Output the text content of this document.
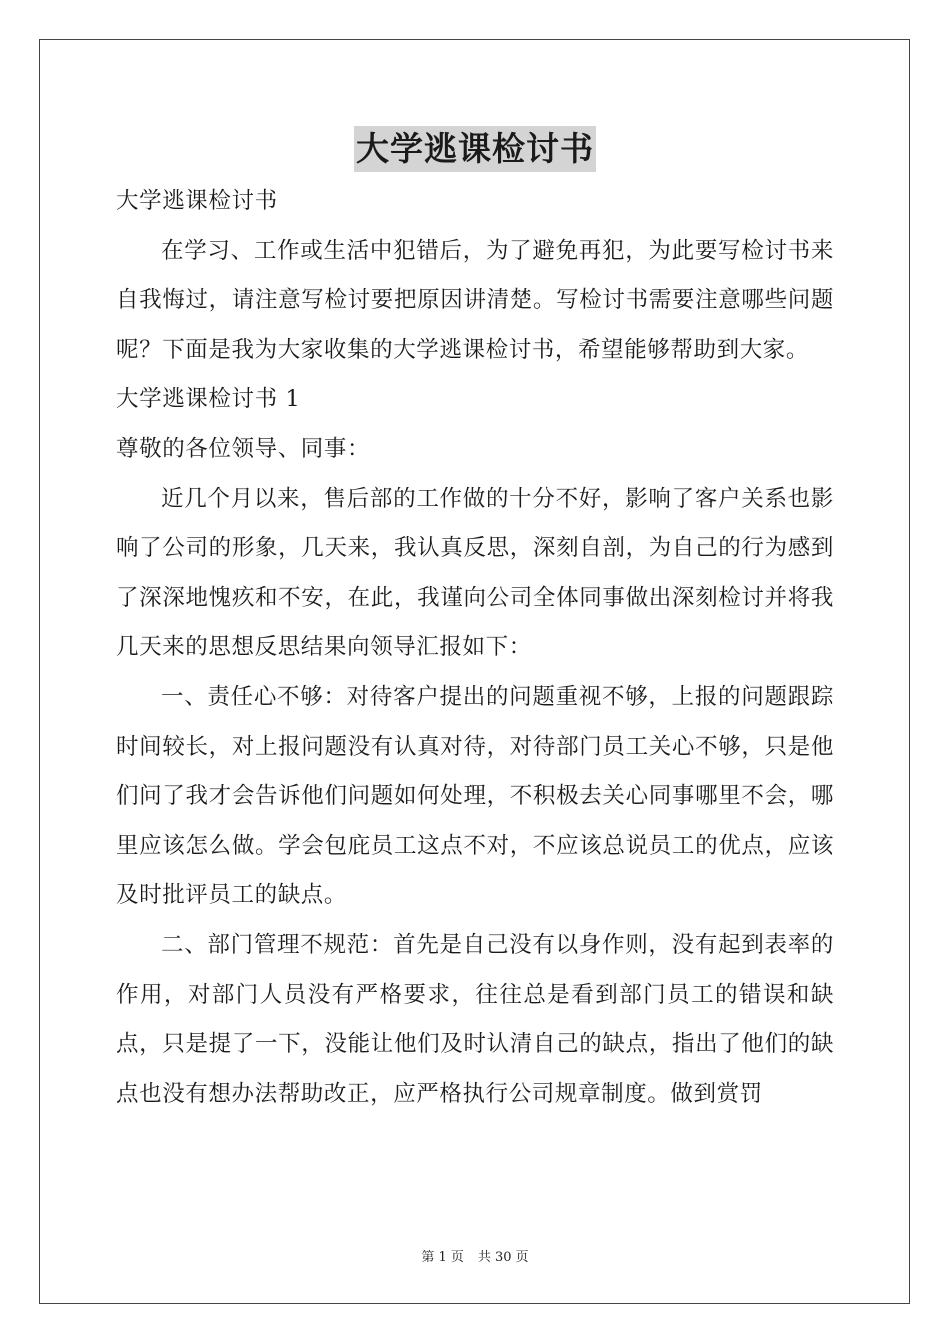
大学逃课检讨书

大学逃课检讨书

在学习、工作或生活中犯错后，为了避免再犯，为此要写检讨书来自我悔过，请注意写检讨要把原因讲清楚。写检讨书需要注意哪些问题呢？下面是我为大家收集的大学逃课检讨书，希望能够帮助到大家。

大学逃课检讨书 1

尊敬的各位领导、同事：

近几个月以来，售后部的工作做的十分不好，影响了客户关系也影响了公司的形象，几天来，我认真反思，深刻自剖，为自己的行为感到了深深地愧疚和不安，在此，我谨向公司全体同事做出深刻检讨并将我几天来的思想反思结果向领导汇报如下：

一、责任心不够：对待客户提出的问题重视不够，上报的问题跟踪时间较长，对上报问题没有认真对待，对待部门员工关心不够，只是他们问了我才会告诉他们问题如何处理，不积极去关心同事哪里不会，哪里应该怎么做。学会包庇员工这点不对，不应该总说员工的优点，应该及时批评员工的缺点。

二、部门管理不规范：首先是自己没有以身作则，没有起到表率的作用，对部门人员没有严格要求，往往总是看到部门员工的错误和缺点，只是提了一下，没能让他们及时认清自己的缺点，指出了他们的缺点也没有想办法帮助改正，应严格执行公司规章制度。做到赏罚

第 1 页 共 30 页
